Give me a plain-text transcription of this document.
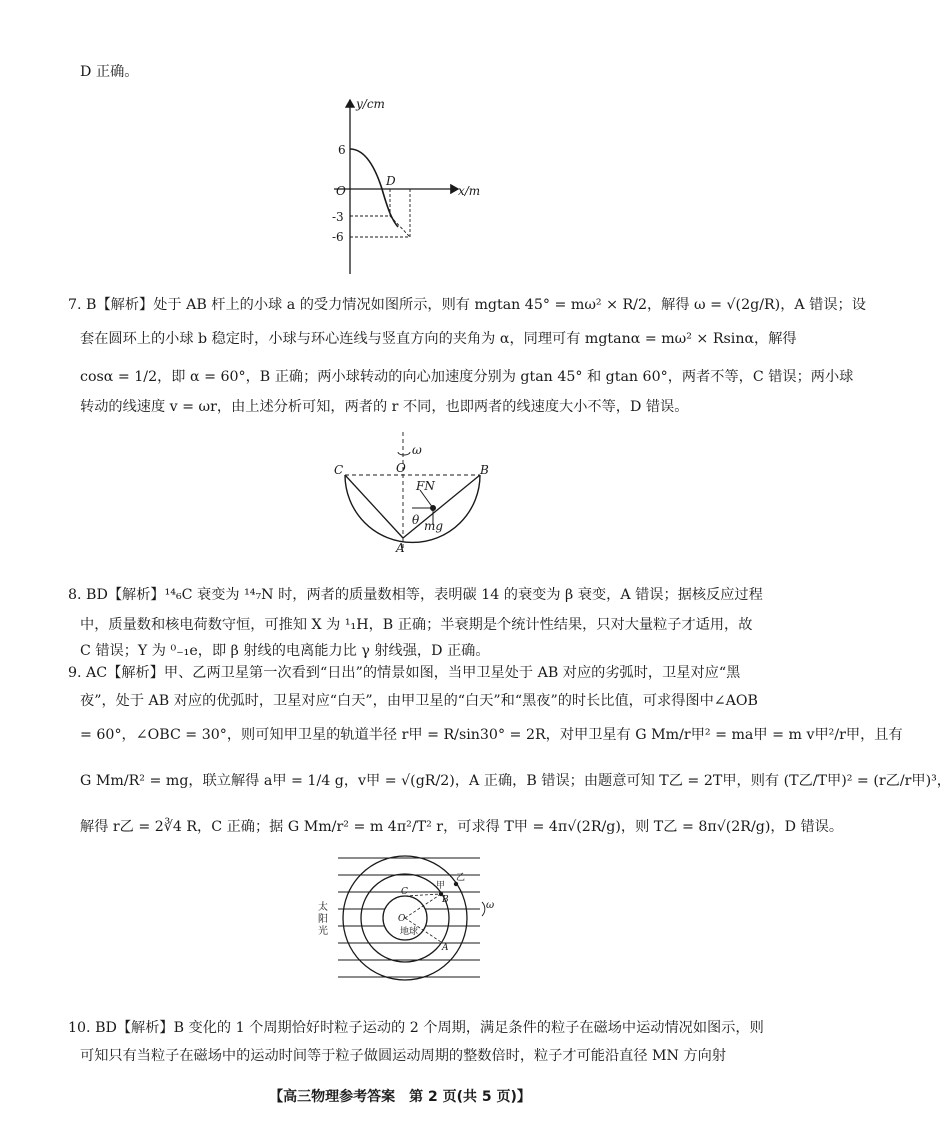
D 正确。
y/cm
x/m
O
6
-3
-6
D
7. B【解析】处于 AB 杆上的小球 a 的受力情况如图所示，则有 mgtan 45° = mω² × R/2，解得 ω = √(2g/R)，A 错误；设
套在圆环上的小球 b 稳定时，小球与环心连线与竖直方向的夹角为 α，同理可有 mgtanα = mω² × Rsinα，解得
cosα = 1/2，即 α = 60°，B 正确；两小球转动的向心加速度分别为 gtan 45° 和 gtan 60°，两者不等，C 错误；两小球
转动的线速度 v = ωr，由上述分析可知，两者的 r 不同，也即两者的线速度大小不等，D 错误。
ω
C	O	B
A
FN
θ mg
8. BD【解析】¹⁴₆C 衰变为 ¹⁴₇N 时，两者的质量数相等，表明碳 14 的衰变为 β 衰变，A 错误；据核反应过程
中，质量数和核电荷数守恒，可推知 X 为 ¹₁H，B 正确；半衰期是个统计性结果，只对大量粒子才适用，故
C 错误；Y 为 ⁰₋₁e，即 β 射线的电离能力比 γ 射线强，D 正确。
9. AC【解析】甲、乙两卫星第一次看到“日出”的情景如图，当甲卫星处于 AB 对应的劣弧时，卫星对应“黑
夜”，处于 AB 对应的优弧时，卫星对应“白天”，由甲卫星的“白天”和“黑夜”的时长比值，可求得图中∠AOB
= 60°，∠OBC = 30°，则可知甲卫星的轨道半径 r甲 = R/sin30° = 2R，对甲卫星有 G Mm/r甲² = ma甲 = m v甲²/r甲，且有
G Mm/R² = mg，联立解得 a甲 = 1/4 g，v甲 = √(gR/2)，A 正确，B 错误；由题意可知 T乙 = 2T甲，则有 (T乙/T甲)² = (r乙/r甲)³，
解得 r乙 = 2∛4 R，C 正确；据 G Mm/r² = m 4π²/T² r，可求得 T甲 = 4π√(2R/g)，则 T乙 = 8π√(2R/g)，D 错误。
太
阳
光	地球
C
O
B
A
甲
乙
ω
10. BD【解析】B 变化的 1 个周期恰好时粒子运动的 2 个周期，满足条件的粒子在磁场中运动情况如图示，则
可知只有当粒子在磁场中的运动时间等于粒子做圆运动周期的整数倍时，粒子才可能沿直径 MN 方向射
【高三物理参考答案　第 2 页(共 5 页)】
